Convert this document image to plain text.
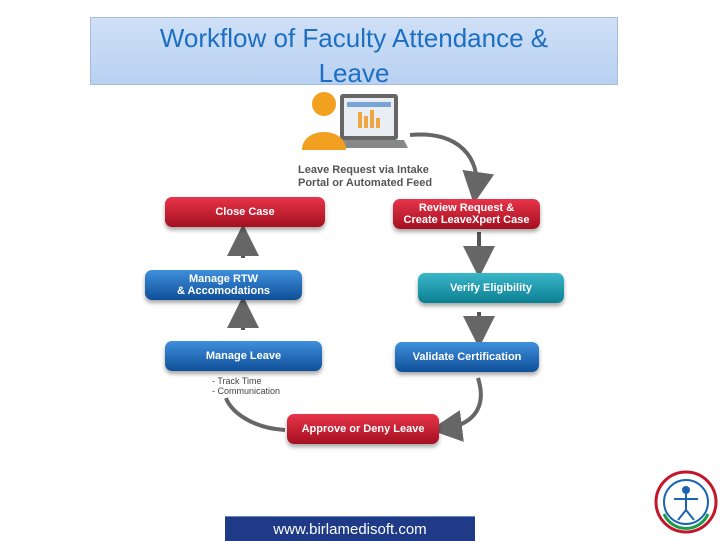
Workflow of Faculty Attendance &
Leave
Leave Request via Intake
Portal or Automated Feed
Review Request &
Create LeaveXpert Case
Verify Eligibility
Validate Certification
Approve or Deny Leave
Manage Leave
- Track Time
- Communication
Manage RTW
& Accomodations
Close Case
www.birlamedisoft.com
